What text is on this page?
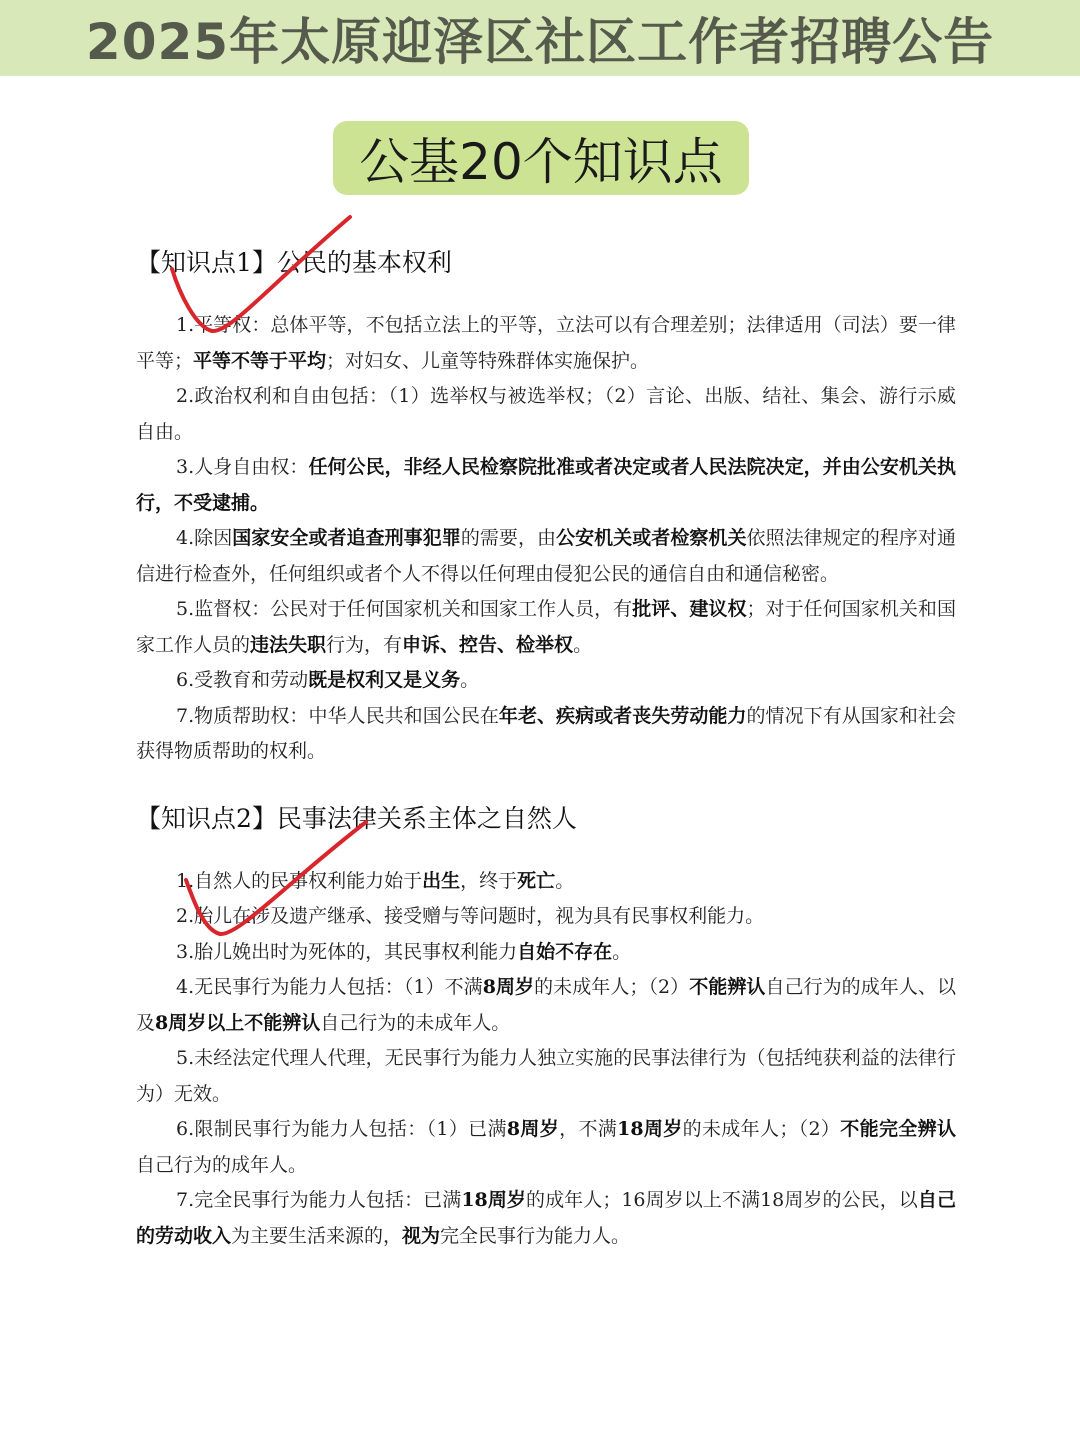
2025年太原迎泽区社区工作者招聘公告
公基20个知识点
【知识点1】公民的基本权利

1.平等权：总体平等，不包括立法上的平等，立法可以有合理差别；法律适用（司法）要一律平等；平等不等于平均；对妇女、儿童等特殊群体实施保护。

2.政治权利和自由包括：（1）选举权与被选举权；（2）言论、出版、结社、集会、游行示威自由。

3.人身自由权：任何公民，非经人民检察院批准或者决定或者人民法院决定，并由公安机关执行，不受逮捕。

4.除因国家安全或者追查刑事犯罪的需要，由公安机关或者检察机关依照法律规定的程序对通信进行检查外，任何组织或者个人不得以任何理由侵犯公民的通信自由和通信秘密。

5.监督权：公民对于任何国家机关和国家工作人员，有批评、建议权；对于任何国家机关和国家工作人员的违法失职行为，有申诉、控告、检举权。

6.受教育和劳动既是权利又是义务。

7.物质帮助权：中华人民共和国公民在年老、疾病或者丧失劳动能力的情况下有从国家和社会获得物质帮助的权利。

【知识点2】民事法律关系主体之自然人

1.自然人的民事权利能力始于出生，终于死亡。

2.胎儿在涉及遗产继承、接受赠与等问题时，视为具有民事权利能力。

3.胎儿娩出时为死体的，其民事权利能力自始不存在。

4.无民事行为能力人包括：（1）不满8周岁的未成年人；（2）不能辨认自己行为的成年人、以及8周岁以上不能辨认自己行为的未成年人。

5.未经法定代理人代理，无民事行为能力人独立实施的民事法律行为（包括纯获利益的法律行为）无效。

6.限制民事行为能力人包括：（1）已满8周岁，不满18周岁的未成年人；（2）不能完全辨认自己行为的成年人。

7.完全民事行为能力人包括：已满18周岁的成年人；16周岁以上不满18周岁的公民，以自己的劳动收入为主要生活来源的，视为完全民事行为能力人。
